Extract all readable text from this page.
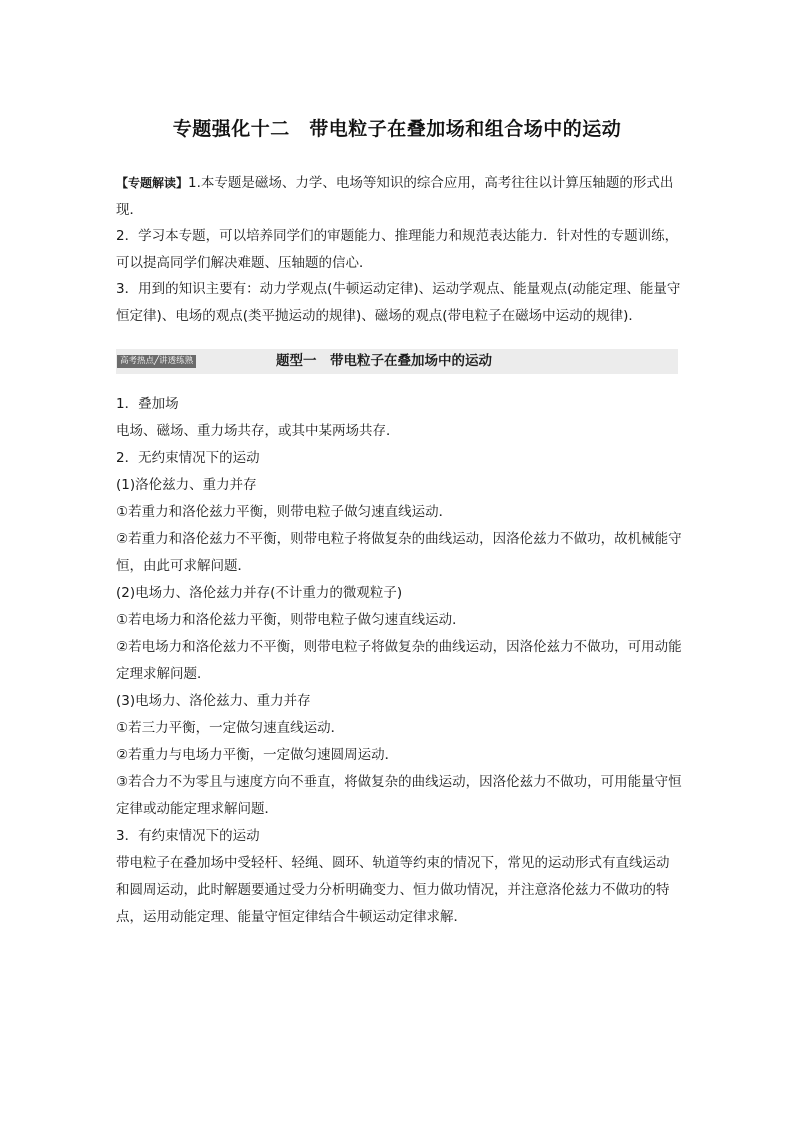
专题强化十二　带电粒子在叠加场和组合场中的运动

【专题解读】1.本专题是磁场、力学、电场等知识的综合应用，高考往往以计算压轴题的形式出现．

2．学习本专题，可以培养同学们的审题能力、推理能力和规范表达能力．针对性的专题训练，可以提高同学们解决难题、压轴题的信心．

3．用到的知识主要有：动力学观点(牛顿运动定律)、运动学观点、能量观点(动能定理、能量守恒定律)、电场的观点(类平抛运动的规律)、磁场的观点(带电粒子在磁场中运动的规律)．

高考热点╱讲透练熟	题型一　带电粒子在叠加场中的运动

1．叠加场

电场、磁场、重力场共存，或其中某两场共存．

2．无约束情况下的运动

(1)洛伦兹力、重力并存

①若重力和洛伦兹力平衡，则带电粒子做匀速直线运动．

②若重力和洛伦兹力不平衡，则带电粒子将做复杂的曲线运动，因洛伦兹力不做功，故机械能守恒，由此可求解问题．

(2)电场力、洛伦兹力并存(不计重力的微观粒子)

①若电场力和洛伦兹力平衡，则带电粒子做匀速直线运动．

②若电场力和洛伦兹力不平衡，则带电粒子将做复杂的曲线运动，因洛伦兹力不做功，可用动能定理求解问题．

(3)电场力、洛伦兹力、重力并存

①若三力平衡，一定做匀速直线运动．

②若重力与电场力平衡，一定做匀速圆周运动．

③若合力不为零且与速度方向不垂直，将做复杂的曲线运动，因洛伦兹力不做功，可用能量守恒定律或动能定理求解问题．

3．有约束情况下的运动

带电粒子在叠加场中受轻杆、轻绳、圆环、轨道等约束的情况下，常见的运动形式有直线运动和圆周运动，此时解题要通过受力分析明确变力、恒力做功情况，并注意洛伦兹力不做功的特点，运用动能定理、能量守恒定律结合牛顿运动定律求解．
